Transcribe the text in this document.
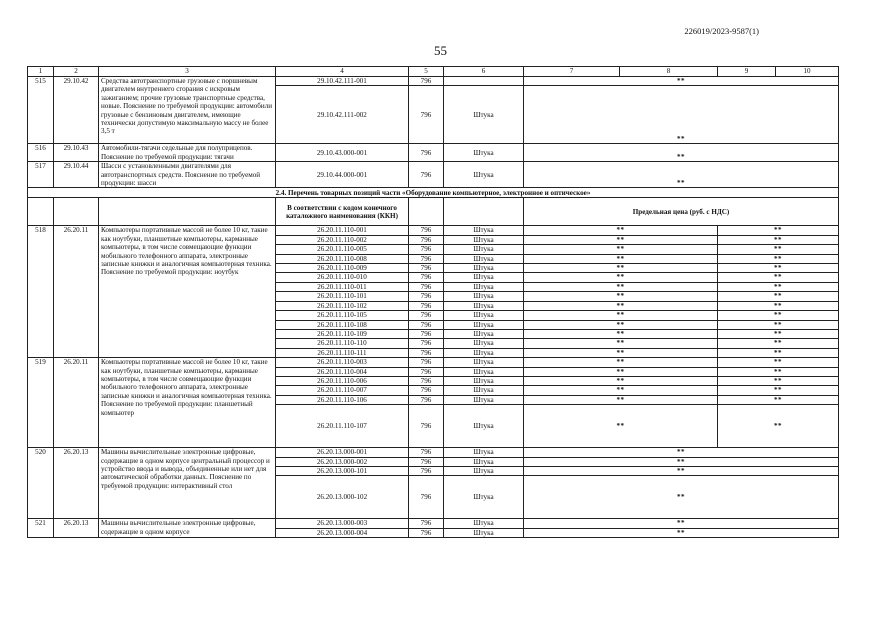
226019/2023-9587(1)
55
1	2	3	4	5	6	7	8	9	10
515	29.10.42	Средства автотранспортные грузовые с поршневым двигателем внутреннего сгорания с искровым зажиганием; прочие грузовые транспортные средства, новые. Пояснение по требуемой продукции: автомобили грузовые с бензиновым двигателем, имеющие технически допустимую максимальную массу не более 3,5 т	29.10.42.111-001	796		**			
			29.10.42.111-002	796	Штука	**			
516	29.10.43	Автомобили-тягачи седельные для полуприцепов. Пояснение по требуемой продукции: тягачи	29.10.43.000-001	796	Штука	**			
517	29.10.44	Шасси с установленными двигателями для автотранспортных средств. Пояснение по требуемой продукции: шасси	29.10.44.000-001	796	Штука	**			
2.4. Перечень товарных позиций части «Оборудование компьютерное, электронное и оптическое»									
			В соответствии с кодом конечного каталожного наименования (ККН)			Предельная цена (руб. с НДС)			
518	26.20.11	Компьютеры портативные массой не более 10 кг, такие как ноутбуки, планшетные компьютеры, карманные компьютеры, в том числе совмещающие функции мобильного телефонного аппарата, электронные записные книжки и аналогичная компьютерная техника. Пояснение по требуемой продукции: ноутбук	26.20.11.110-001	796	Штука	**		**	
			26.20.11.110-002	796	Штука	**		**	
			26.20.11.110-005	796	Штука	**		**	
			26.20.11.110-008	796	Штука	**		**	
			26.20.11.110-009	796	Штука	**		**	
			26.20.11.110-010	796	Штука	**		**	
			26.20.11.110-011	796	Штука	**		**	
			26.20.11.110-101	796	Штука	**		**	
			26.20.11.110-102	796	Штука	**		**	
			26.20.11.110-105	796	Штука	**		**	
			26.20.11.110-108	796	Штука	**		**	
			26.20.11.110-109	796	Штука	**		**	
			26.20.11.110-110	796	Штука	**		**	
			26.20.11.110-111	796	Штука	**		**	
519	26.20.11	Компьютеры портативные массой не более 10 кг, такие как ноутбуки, планшетные компьютеры, карманные компьютеры, в том числе совмещающие функции мобильного телефонного аппарата, электронные записные книжки и аналогичная компьютерная техника. Пояснение по требуемой продукции: планшетный компьютер	26.20.11.110-003	796	Штука	**		**	
			26.20.11.110-004	796	Штука	**		**	
			26.20.11.110-006	796	Штука	**		**	
			26.20.11.110-007	796	Штука	**		**	
			26.20.11.110-106	796	Штука	**		**	
			26.20.11.110-107	796	Штука	**		**	
520	26.20.13	Машины вычислительные электронные цифровые, содержащие в одном корпусе центральный процессор и устройство ввода и вывода, объединенные или нет для автоматической обработки данных. Пояснение по требуемой продукции: интерактивный стол	26.20.13.000-001	796	Штука	**			
			26.20.13.000-002	796	Штука	**			
			26.20.13.000-101	796	Штука	**			
			26.20.13.000-102	796	Штука	**			
521	26.20.13	Машины вычислительные электронные цифровые, содержащие в одном корпусе	26.20.13.000-003	796	Штука	**			
			26.20.13.000-004	796	Штука	**			
